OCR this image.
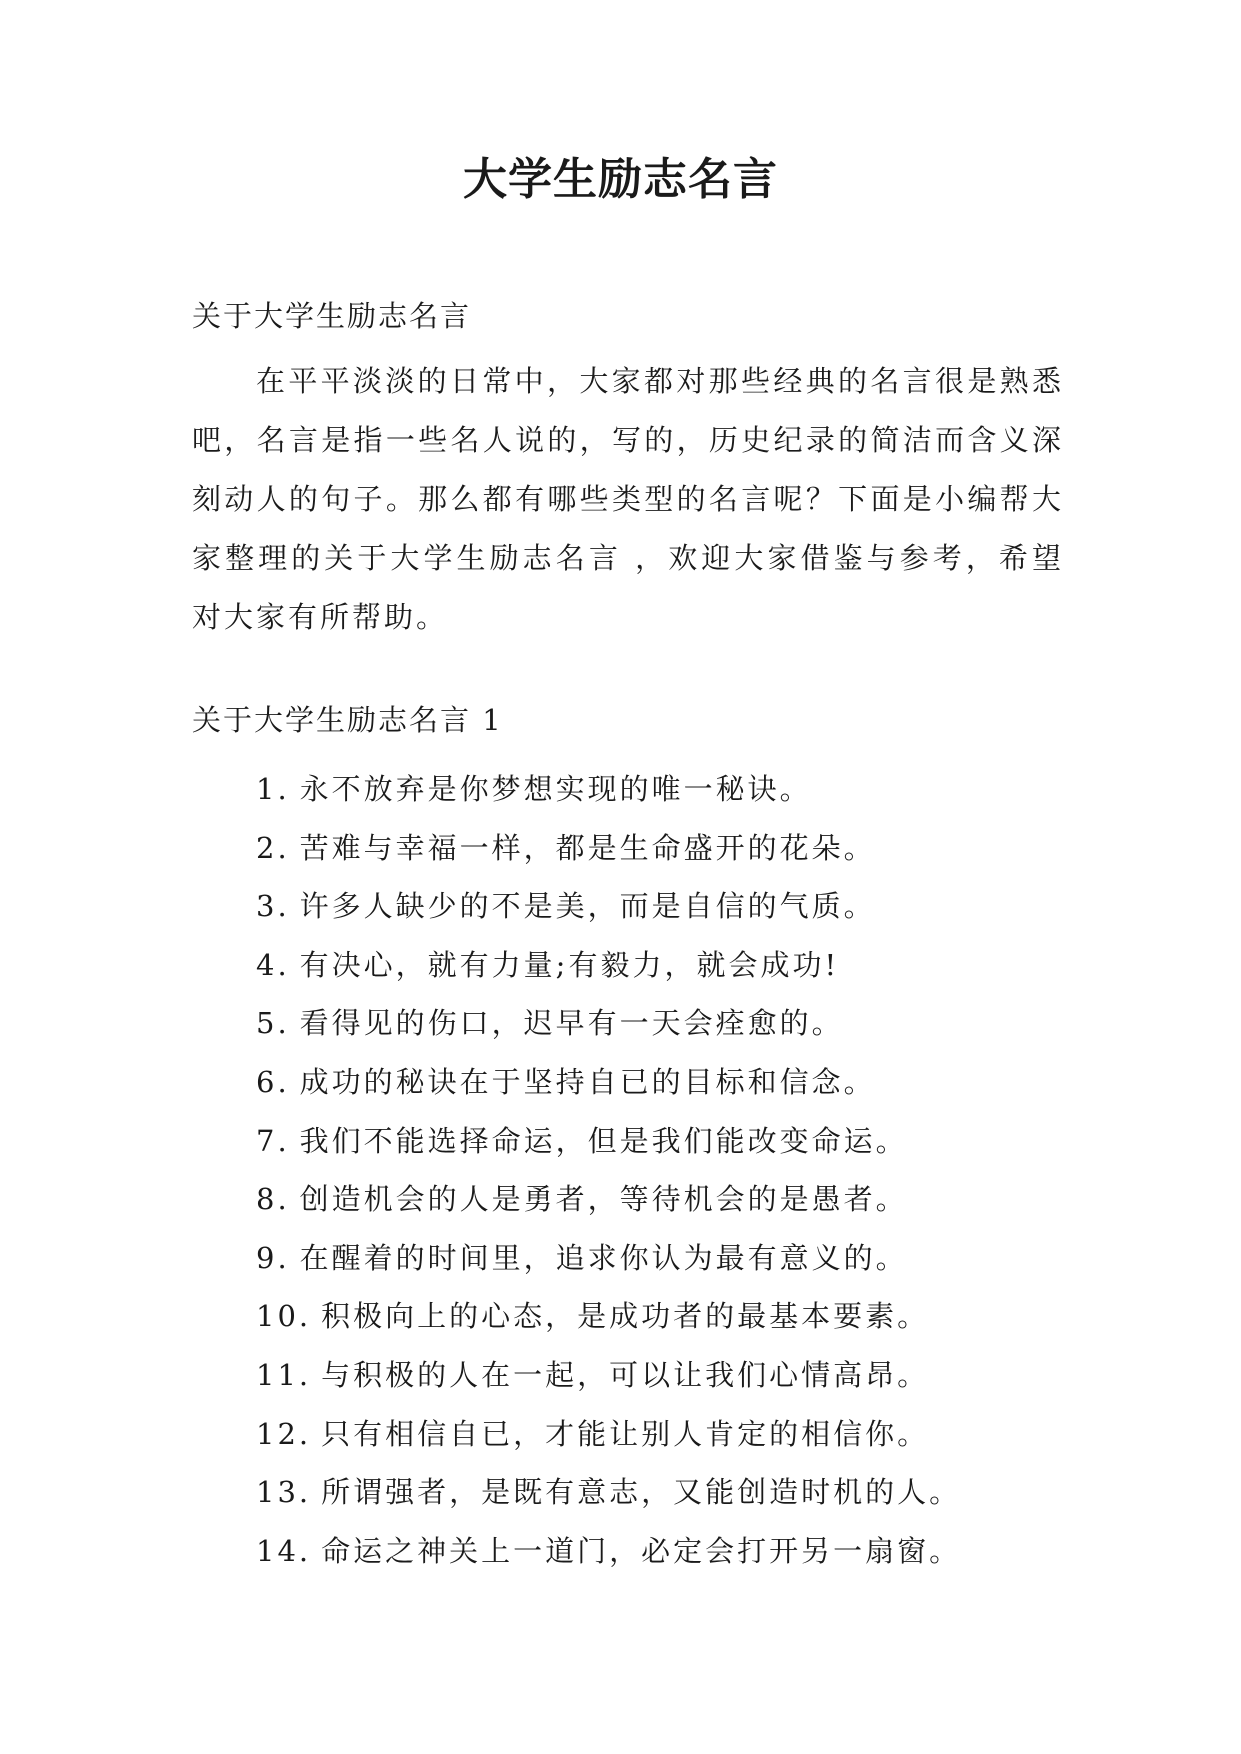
大学生励志名言
关于大学生励志名言

在平平淡淡的日常中，大家都对那些经典的名言很是熟悉吧，名言是指一些名人说的，写的，历史纪录的简洁而含义深刻动人的句子。那么都有哪些类型的名言呢？下面是小编帮大家整理的关于大学生励志名言 ，欢迎大家借鉴与参考，希望对大家有所帮助。

关于大学生励志名言 1
1. 永不放弃是你梦想实现的唯一秘诀。
2. 苦难与幸福一样，都是生命盛开的花朵。
3. 许多人缺少的不是美，而是自信的气质。
4. 有决心，就有力量;有毅力，就会成功!
5. 看得见的伤口，迟早有一天会痊愈的。
6. 成功的秘诀在于坚持自已的目标和信念。
7. 我们不能选择命运，但是我们能改变命运。
8. 创造机会的人是勇者，等待机会的是愚者。
9. 在醒着的时间里，追求你认为最有意义的。
10. 积极向上的心态，是成功者的最基本要素。
11. 与积极的人在一起，可以让我们心情高昂。
12. 只有相信自已，才能让别人肯定的相信你。
13. 所谓强者，是既有意志，又能创造时机的人。
14. 命运之神关上一道门，必定会打开另一扇窗。
